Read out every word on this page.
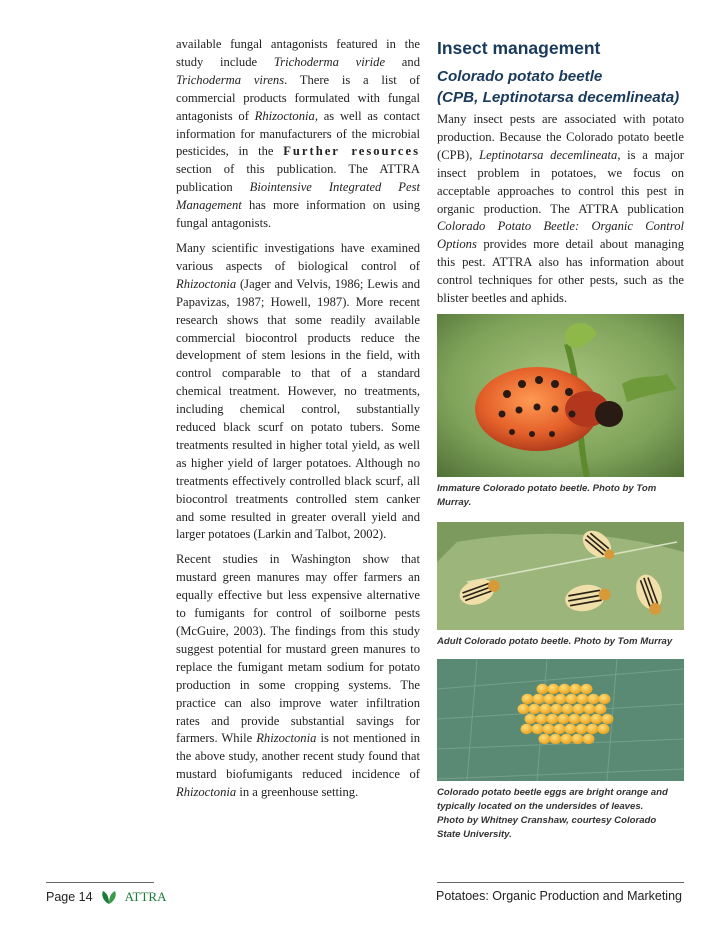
available fungal antagonists featured in the study include Trichoderma viride and Trichoderma virens. There is a list of commercial products formulated with fungal antagonists of Rhizoctonia, as well as contact information for manufacturers of the microbial pesticides, in the Further resources section of this publication. The ATTRA publication Biointensive Integrated Pest Management has more information on using fungal antagonists.

Many scientific investigations have examined various aspects of biological control of Rhizoctonia (Jager and Velvis, 1986; Lewis and Papavizas, 1987; Howell, 1987). More recent research shows that some readily available commercial biocontrol products reduce the development of stem lesions in the field, with control comparable to that of a standard chemical treatment. However, no treatments, including chemical control, substantially reduced black scurf on potato tubers. Some treatments resulted in higher total yield, as well as higher yield of larger potatoes. Although no treatments effectively controlled black scurf, all biocontrol treatments controlled stem canker and some resulted in greater overall yield and larger potatoes (Larkin and Talbot, 2002).

Recent studies in Washington show that mustard green manures may offer farmers an equally effective but less expensive alternative to fumigants for control of soilborne pests (McGuire, 2003). The findings from this study suggest potential for mustard green manures to replace the fumigant metam sodium for potato production in some cropping systems. The practice can also improve water infiltration rates and provide substantial savings for farmers. While Rhizoctonia is not mentioned in the above study, another recent study found that mustard biofumigants reduced incidence of Rhizoctonia in a greenhouse setting.

Insect management
Colorado potato beetle
(CPB, Leptinotarsa decemlineata)

Many insect pests are associated with potato production. Because the Colorado potato beetle (CPB), Leptinotarsa decemlineata, is a major insect problem in potatoes, we focus on acceptable approaches to control this pest in organic production. The ATTRA publication Colorado Potato Beetle: Organic Control Options provides more detail about managing this pest. ATTRA also has information about control techniques for other pests, such as the blister beetles and aphids.

Immature Colorado potato beetle. Photo by Tom Murray.
Adult Colorado potato beetle. Photo by Tom Murray
Colorado potato beetle eggs are bright orange and
typically located on the undersides of leaves.
Photo by Whitney Cranshaw, courtesy Colorado
State University.
Page 14 ATTRA	Potatoes: Organic Production and Marketing
